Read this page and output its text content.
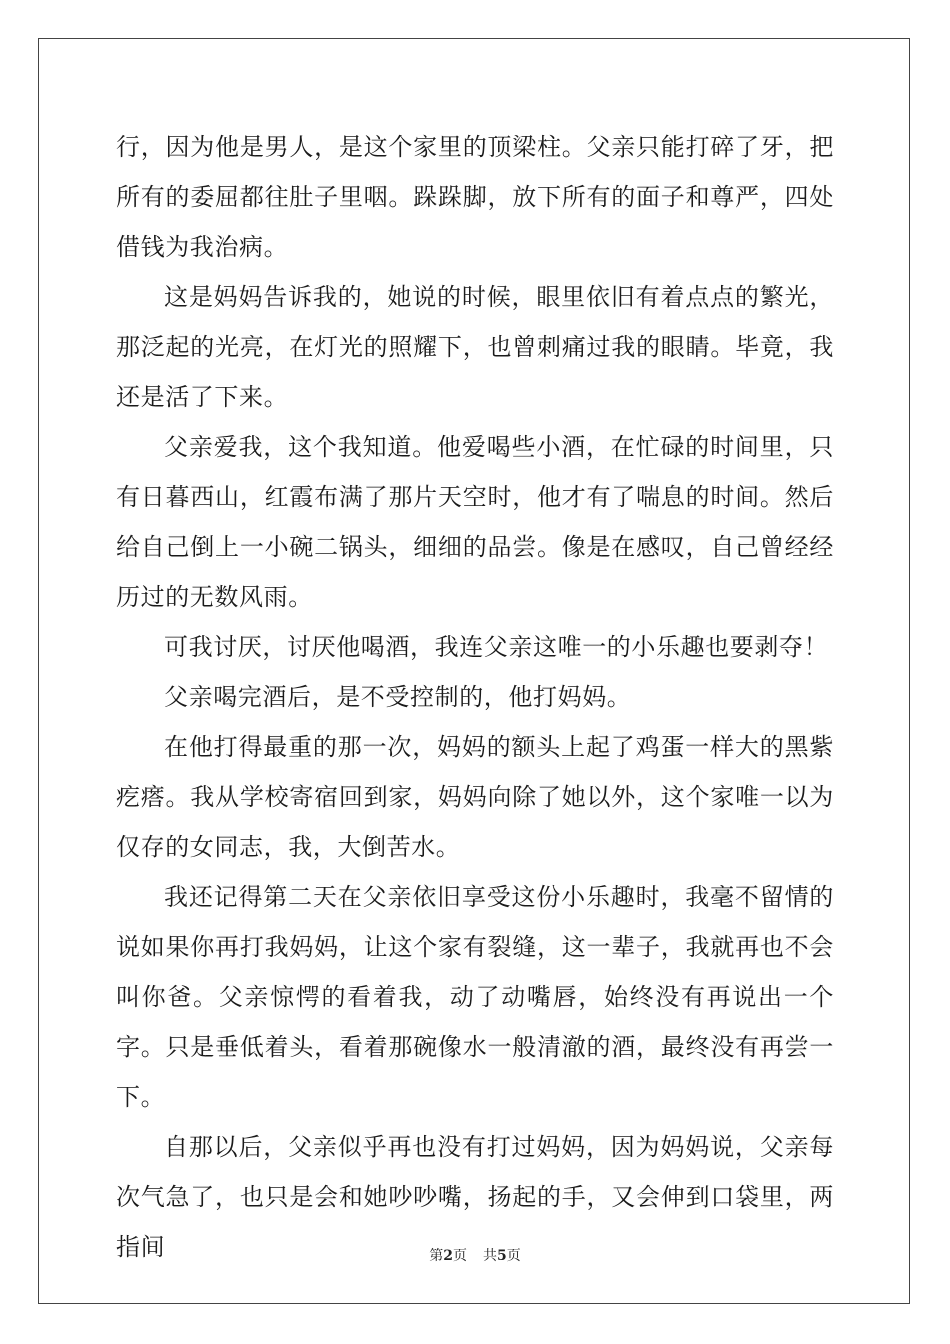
行，因为他是男人，是这个家里的顶梁柱。父亲只能打碎了牙，把所有的委屈都往肚子里咽。跺跺脚，放下所有的面子和尊严，四处借钱为我治病。

这是妈妈告诉我的，她说的时候，眼里依旧有着点点的繁光，那泛起的光亮，在灯光的照耀下，也曾刺痛过我的眼睛。毕竟，我还是活了下来。

父亲爱我，这个我知道。他爱喝些小酒，在忙碌的时间里，只有日暮西山，红霞布满了那片天空时，他才有了喘息的时间。然后给自己倒上一小碗二锅头，细细的品尝。像是在感叹，自己曾经经历过的无数风雨。

可我讨厌，讨厌他喝酒，我连父亲这唯一的小乐趣也要剥夺！

父亲喝完酒后，是不受控制的，他打妈妈。

在他打得最重的那一次，妈妈的额头上起了鸡蛋一样大的黑紫疙瘩。我从学校寄宿回到家，妈妈向除了她以外，这个家唯一以为仅存的女同志，我，大倒苦水。

我还记得第二天在父亲依旧享受这份小乐趣时，我毫不留情的说如果你再打我妈妈，让这个家有裂缝，这一辈子，我就再也不会叫你爸。父亲惊愕的看着我，动了动嘴唇，始终没有再说出一个字。只是垂低着头，看着那碗像水一般清澈的酒，最终没有再尝一下。

自那以后，父亲似乎再也没有打过妈妈，因为妈妈说，父亲每次气急了，也只是会和她吵吵嘴，扬起的手，又会伸到口袋里，两指间	第2页 共5页
